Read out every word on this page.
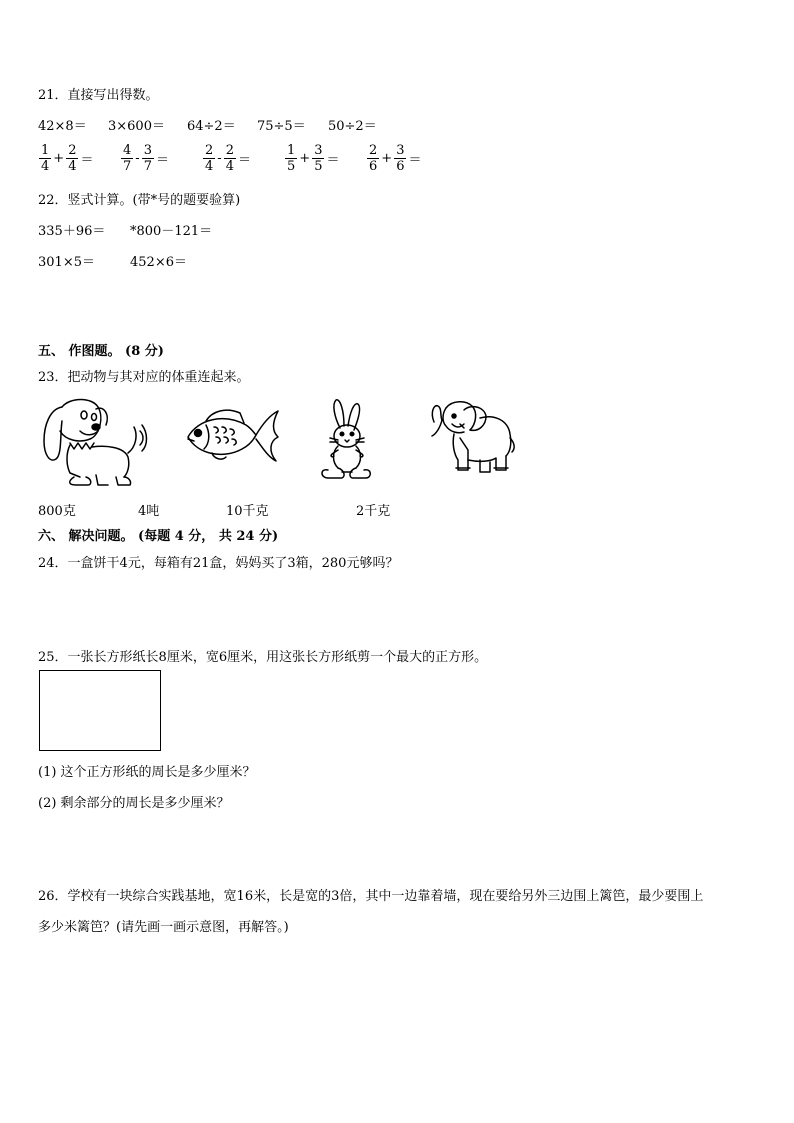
21．直接写出得数。
42×8＝ 3×600＝ 64÷2＝ 75÷5＝ 50÷2＝
$\frac{1}{4} + \frac{2}{4} = \frac{4}{7} - \frac{3}{7}$ ＝	$\frac{2}{4} - \frac{2}{4}$ ＝	$\frac{1}{5} + \frac{3}{5} = \frac{2}{6} + \frac{3}{6}$ ＝
22．竖式计算。(带*号的题要验算)
335＋96＝ *800－121＝
301×5＝	452×6＝
五、 作图题。 (8 分)
23．把动物与其对应的体重连起来。
800克	4吨	10千克	2千克
六、 解决问题。 (每题 4 分， 共 24 分)
24．一盒饼干4元，每箱有21盒，妈妈买了3箱，280元够吗？
25．一张长方形纸长8厘米，宽6厘米，用这张长方形纸剪一个最大的正方形。
(1) 这个正方形纸的周长是多少厘米？
(2) 剩余部分的周长是多少厘米？
26．学校有一块综合实践基地，宽16米，长是宽的3倍，其中一边靠着墙，现在要给另外三边围上篱笆，最少要围上
多少米篱笆？(请先画一画示意图，再解答。)
